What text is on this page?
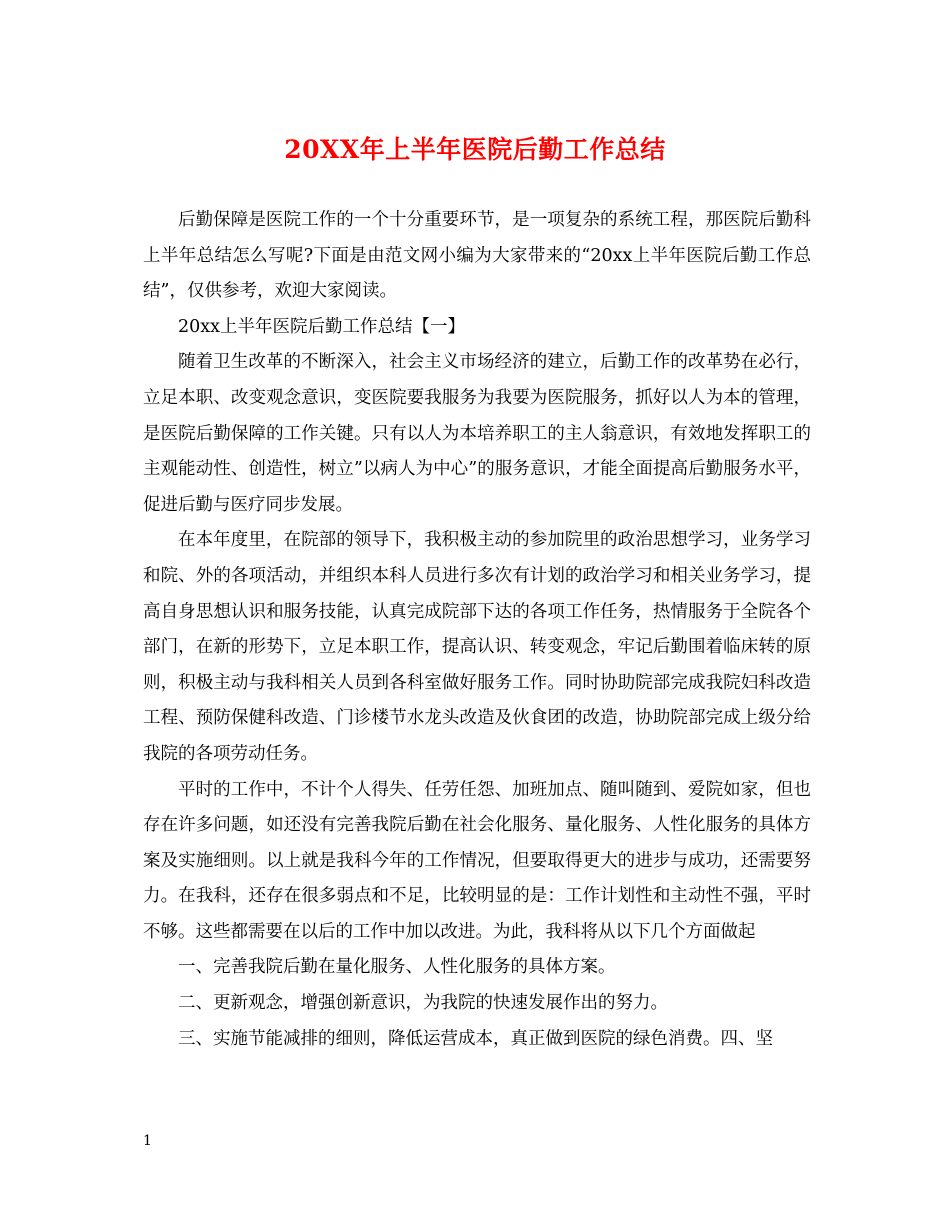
20XX年上半年医院后勤工作总结

后勤保障是医院工作的一个十分重要环节，是一项复杂的系统工程，那医院后勤科上半年总结怎么写呢?下面是由范文网小编为大家带来的“20xx上半年医院后勤工作总结”，仅供参考，欢迎大家阅读。

20xx上半年医院后勤工作总结【一】

随着卫生改革的不断深入，社会主义市场经济的建立，后勤工作的改革势在必行，立足本职、改变观念意识，变医院要我服务为我要为医院服务，抓好以人为本的管理，是医院后勤保障的工作关键。只有以人为本培养职工的主人翁意识，有效地发挥职工的主观能动性、创造性，树立”以病人为中心”的服务意识，才能全面提高后勤服务水平，促进后勤与医疗同步发展。

在本年度里，在院部的领导下，我积极主动的参加院里的政治思想学习，业务学习和院、外的各项活动，并组织本科人员进行多次有计划的政治学习和相关业务学习，提高自身思想认识和服务技能，认真完成院部下达的各项工作任务，热情服务于全院各个部门，在新的形势下，立足本职工作，提高认识、转变观念，牢记后勤围着临床转的原则，积极主动与我科相关人员到各科室做好服务工作。同时协助院部完成我院妇科改造工程、预防保健科改造、门诊楼节水龙头改造及伙食团的改造，协助院部完成上级分给我院的各项劳动任务。

平时的工作中，不计个人得失、任劳任怨、加班加点、随叫随到、爱院如家，但也存在许多问题，如还没有完善我院后勤在社会化服务、量化服务、人性化服务的具体方案及实施细则。以上就是我科今年的工作情况，但要取得更大的进步与成功，还需要努力。在我科，还存在很多弱点和不足，比较明显的是：工作计划性和主动性不强，平时不够。这些都需要在以后的工作中加以改进。为此，我科将从以下几个方面做起

一、完善我院后勤在量化服务、人性化服务的具体方案。

二、更新观念，增强创新意识，为我院的快速发展作出的努力。

三、实施节能减排的细则，降低运营成本，真正做到医院的绿色消费。四、坚

1
